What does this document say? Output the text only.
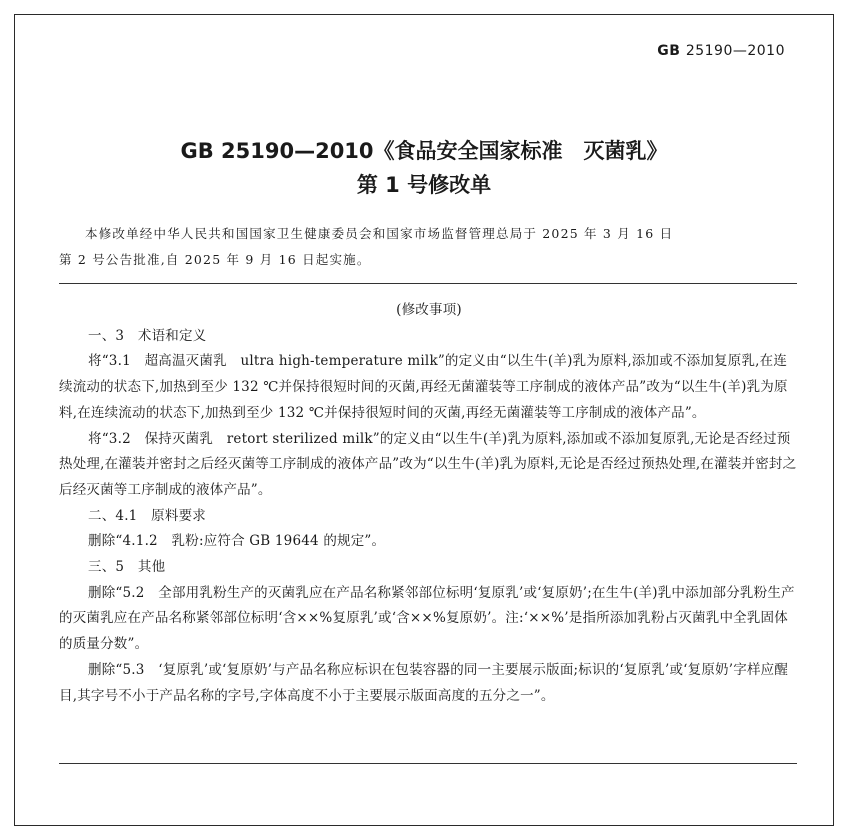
GB 25190—2010
GB 25190—2010《食品安全国家标准　灭菌乳》
第 1 号修改单
本修改单经中华人民共和国国家卫生健康委员会和国家市场监督管理总局于 2025 年 3 月 16 日
第 2 号公告批准,自 2025 年 9 月 16 日起实施。

(修改事项)

一、3　术语和定义

将“3.1　超高温灭菌乳　ultra high-temperature milk”的定义由“以生牛(羊)乳为原料,添加或不添加复原乳,在连续流动的状态下,加热到至少 132 ℃并保持很短时间的灭菌,再经无菌灌装等工序制成的液体产品”改为“以生牛(羊)乳为原料,在连续流动的状态下,加热到至少 132 ℃并保持很短时间的灭菌,再经无菌灌装等工序制成的液体产品”。

将“3.2　保持灭菌乳　retort sterilized milk”的定义由“以生牛(羊)乳为原料,添加或不添加复原乳,无论是否经过预热处理,在灌装并密封之后经灭菌等工序制成的液体产品”改为“以生牛(羊)乳为原料,无论是否经过预热处理,在灌装并密封之后经灭菌等工序制成的液体产品”。

二、4.1　原料要求

删除“4.1.2　乳粉:应符合 GB 19644 的规定”。

三、5　其他

删除“5.2　全部用乳粉生产的灭菌乳应在产品名称紧邻部位标明‘复原乳’或‘复原奶’;在生牛(羊)乳中添加部分乳粉生产的灭菌乳应在产品名称紧邻部位标明‘含××%复原乳’或‘含××%复原奶’。注:‘××%’是指所添加乳粉占灭菌乳中全乳固体的质量分数”。

删除“5.3　‘复原乳’或‘复原奶’与产品名称应标识在包装容器的同一主要展示版面;标识的‘复原乳’或‘复原奶’字样应醒目,其字号不小于产品名称的字号,字体高度不小于主要展示版面高度的五分之一”。
